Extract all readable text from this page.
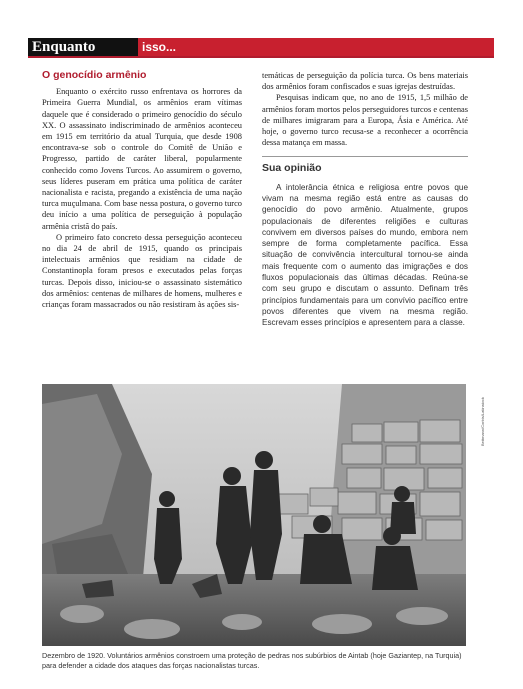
Enquanto	isso...
O genocídio armênio

Enquanto o exército russo enfrentava os horrores da Primeira Guerra Mundial, os armênios eram vítimas daquele que é considerado o primeiro genocídio do século XX. O assassinato indiscriminado de armênios aconteceu em 1915 em território da atual Turquia, que desde 1908 encontrava-se sob o controle do Comitê de União e Progresso, partido de caráter liberal, popularmente conhecido como Jovens Turcos. Ao assumirem o governo, seus líderes puseram em prática uma política de caráter nacionalista e racista, pregando a existência de uma nação turca muçulmana. Com base nessa postura, o governo turco deu início a uma política de perseguição à população armênia cristã do país.

O primeiro fato concreto dessa perseguição aconteceu no dia 24 de abril de 1915, quando os principais intelectuais armênios que residiam na cidade de Constantinopla foram presos e executados pelas forças turcas. Depois disso, iniciou-se o assassinato sistemático dos armênios: centenas de milhares de homens, mulheres e crianças foram massacrados ou não resistiram às ações sis-

temáticas de perseguição da polícia turca. Os bens materiais dos armênios foram confiscados e suas igrejas destruídas.

Pesquisas indicam que, no ano de 1915, 1,5 milhão de armênios foram mortos pelos perseguidores turcos e centenas de milhares imigraram para a Europa, Ásia e América. Até hoje, o governo turco recusa-se a reconhecer a ocorrência dessa matança em massa.

Sua opinião

A intolerância étnica e religiosa entre povos que vivam na mesma região está entre as causas do genocídio do povo armênio. Atualmente, grupos populacionais de diferentes religiões e culturas convivem em diversos países do mundo, embora nem sempre de forma completamente pacífica. Essa situação de convivência intercultural tornou-se ainda mais frequente com o aumento das imigrações e dos fluxos populacionais das últimas décadas. Reúna-se com seu grupo e discutam o assunto. Definam três princípios fundamentais para um convívio pacífico entre povos diferentes que vivem na mesma região. Escrevam esses princípios e apresentem para a classe.

Bettmann/Corbis/Latinstock
Dezembro de 1920. Voluntários armênios constroem uma proteção de pedras nos subúrbios de Aintab (hoje Gaziantep, na Turquia) para defender a cidade dos ataques das forças nacionalistas turcas.
